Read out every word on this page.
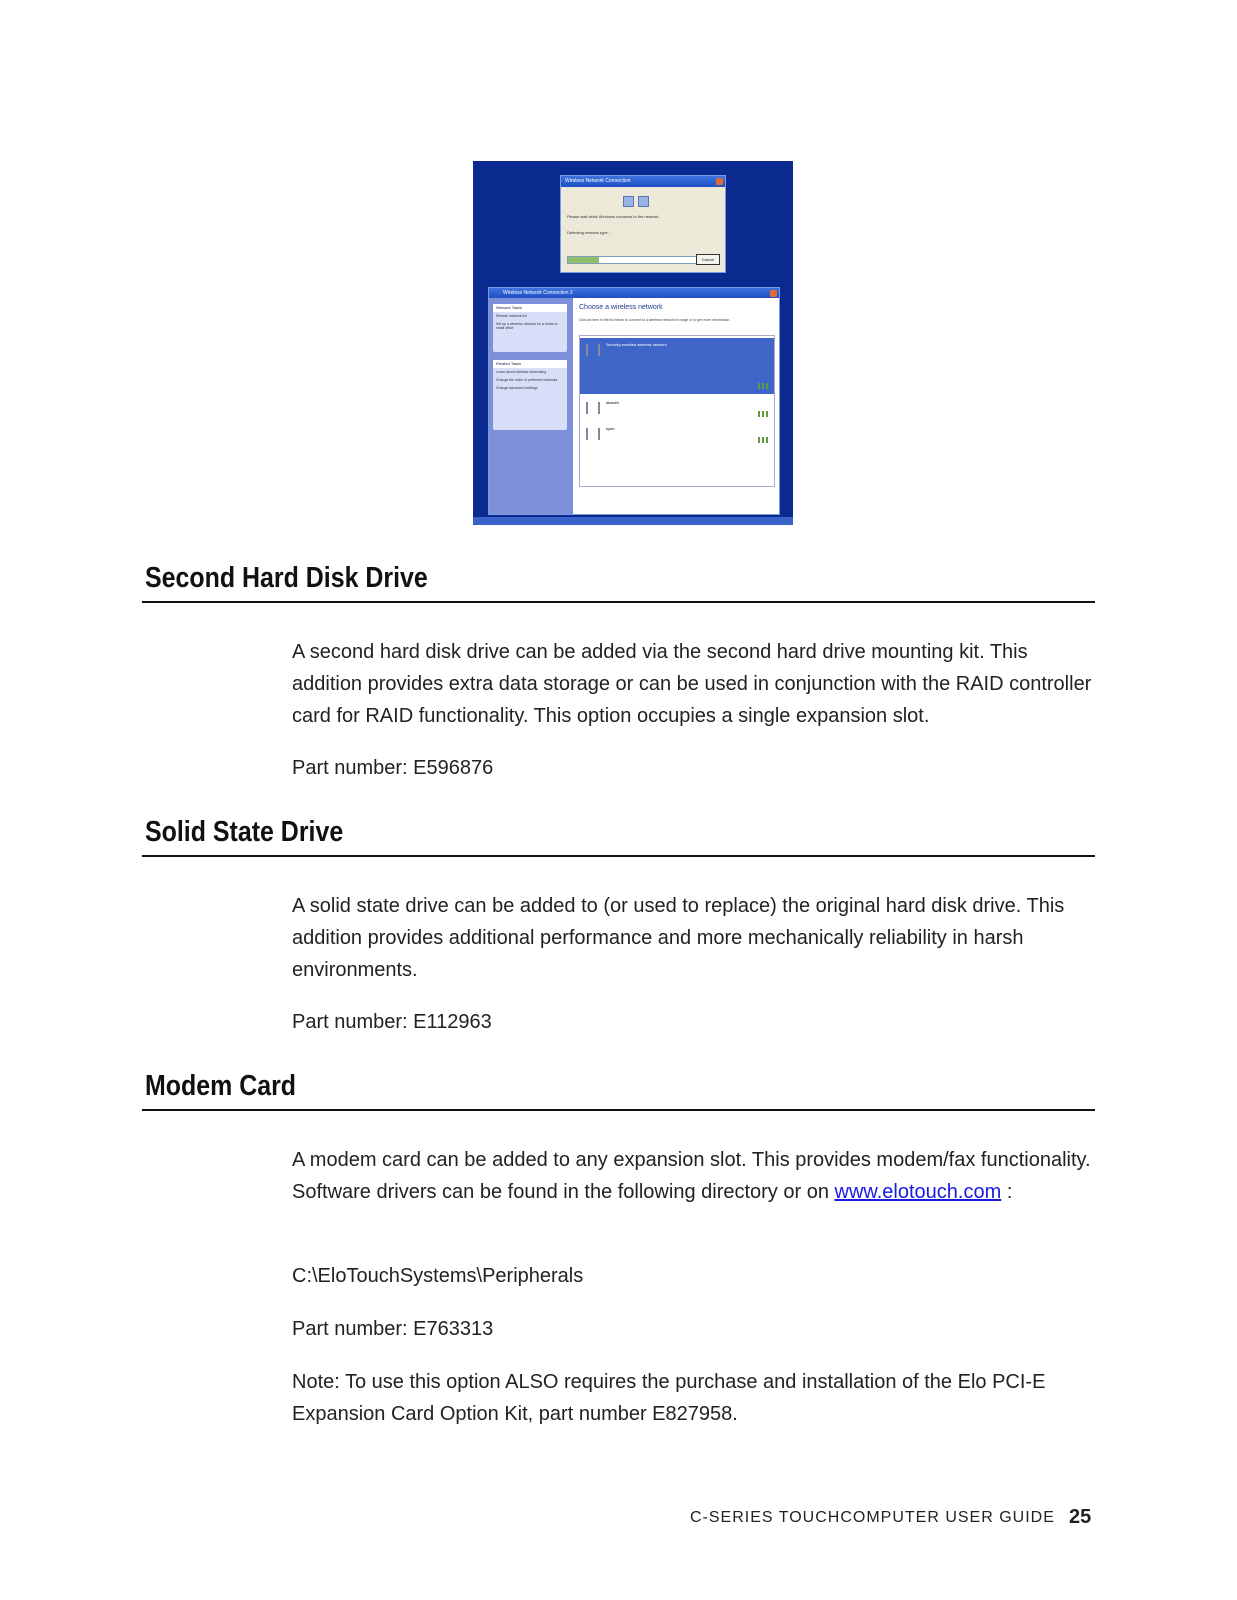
Wireless Network Connection
Please wait while Windows connects to the network.
Detecting network type...
Cancel
Wireless Network Connection 2
Network Tasks
Refresh network list
Set up a wireless network for a home or small office
Related Tasks
Learn about wireless networking
Change the order of preferred networks
Change advanced settings
Choose a wireless network
Click an item in the list below to connect to a wireless network in range or to get more information.
Security-enabled wireless network
ekaceh
kyuh
Second Hard Disk Drive

A second hard disk drive can be added via the second hard drive mounting kit. This addition provides extra data storage or can be used in conjunction with the RAID controller card for RAID functionality. This option occupies a single expansion slot.

Part number: E596876

Solid State Drive

A solid state drive can be added to (or used to replace) the original hard disk drive. This addition provides additional performance and more mechanically reliability in harsh environments.

Part number: E112963

Modem Card

A modem card can be added to any expansion slot. This provides modem/fax functionality. Software drivers can be found in the following directory or on www.elotouch.com :

C:\EloTouchSystems\Peripherals

Part number: E763313

Note: To use this option ALSO requires the purchase and installation of the Elo PCI-E Expansion Card Option Kit, part number E827958.

C-SERIES TOUCHCOMPUTER USER GUIDE 25
